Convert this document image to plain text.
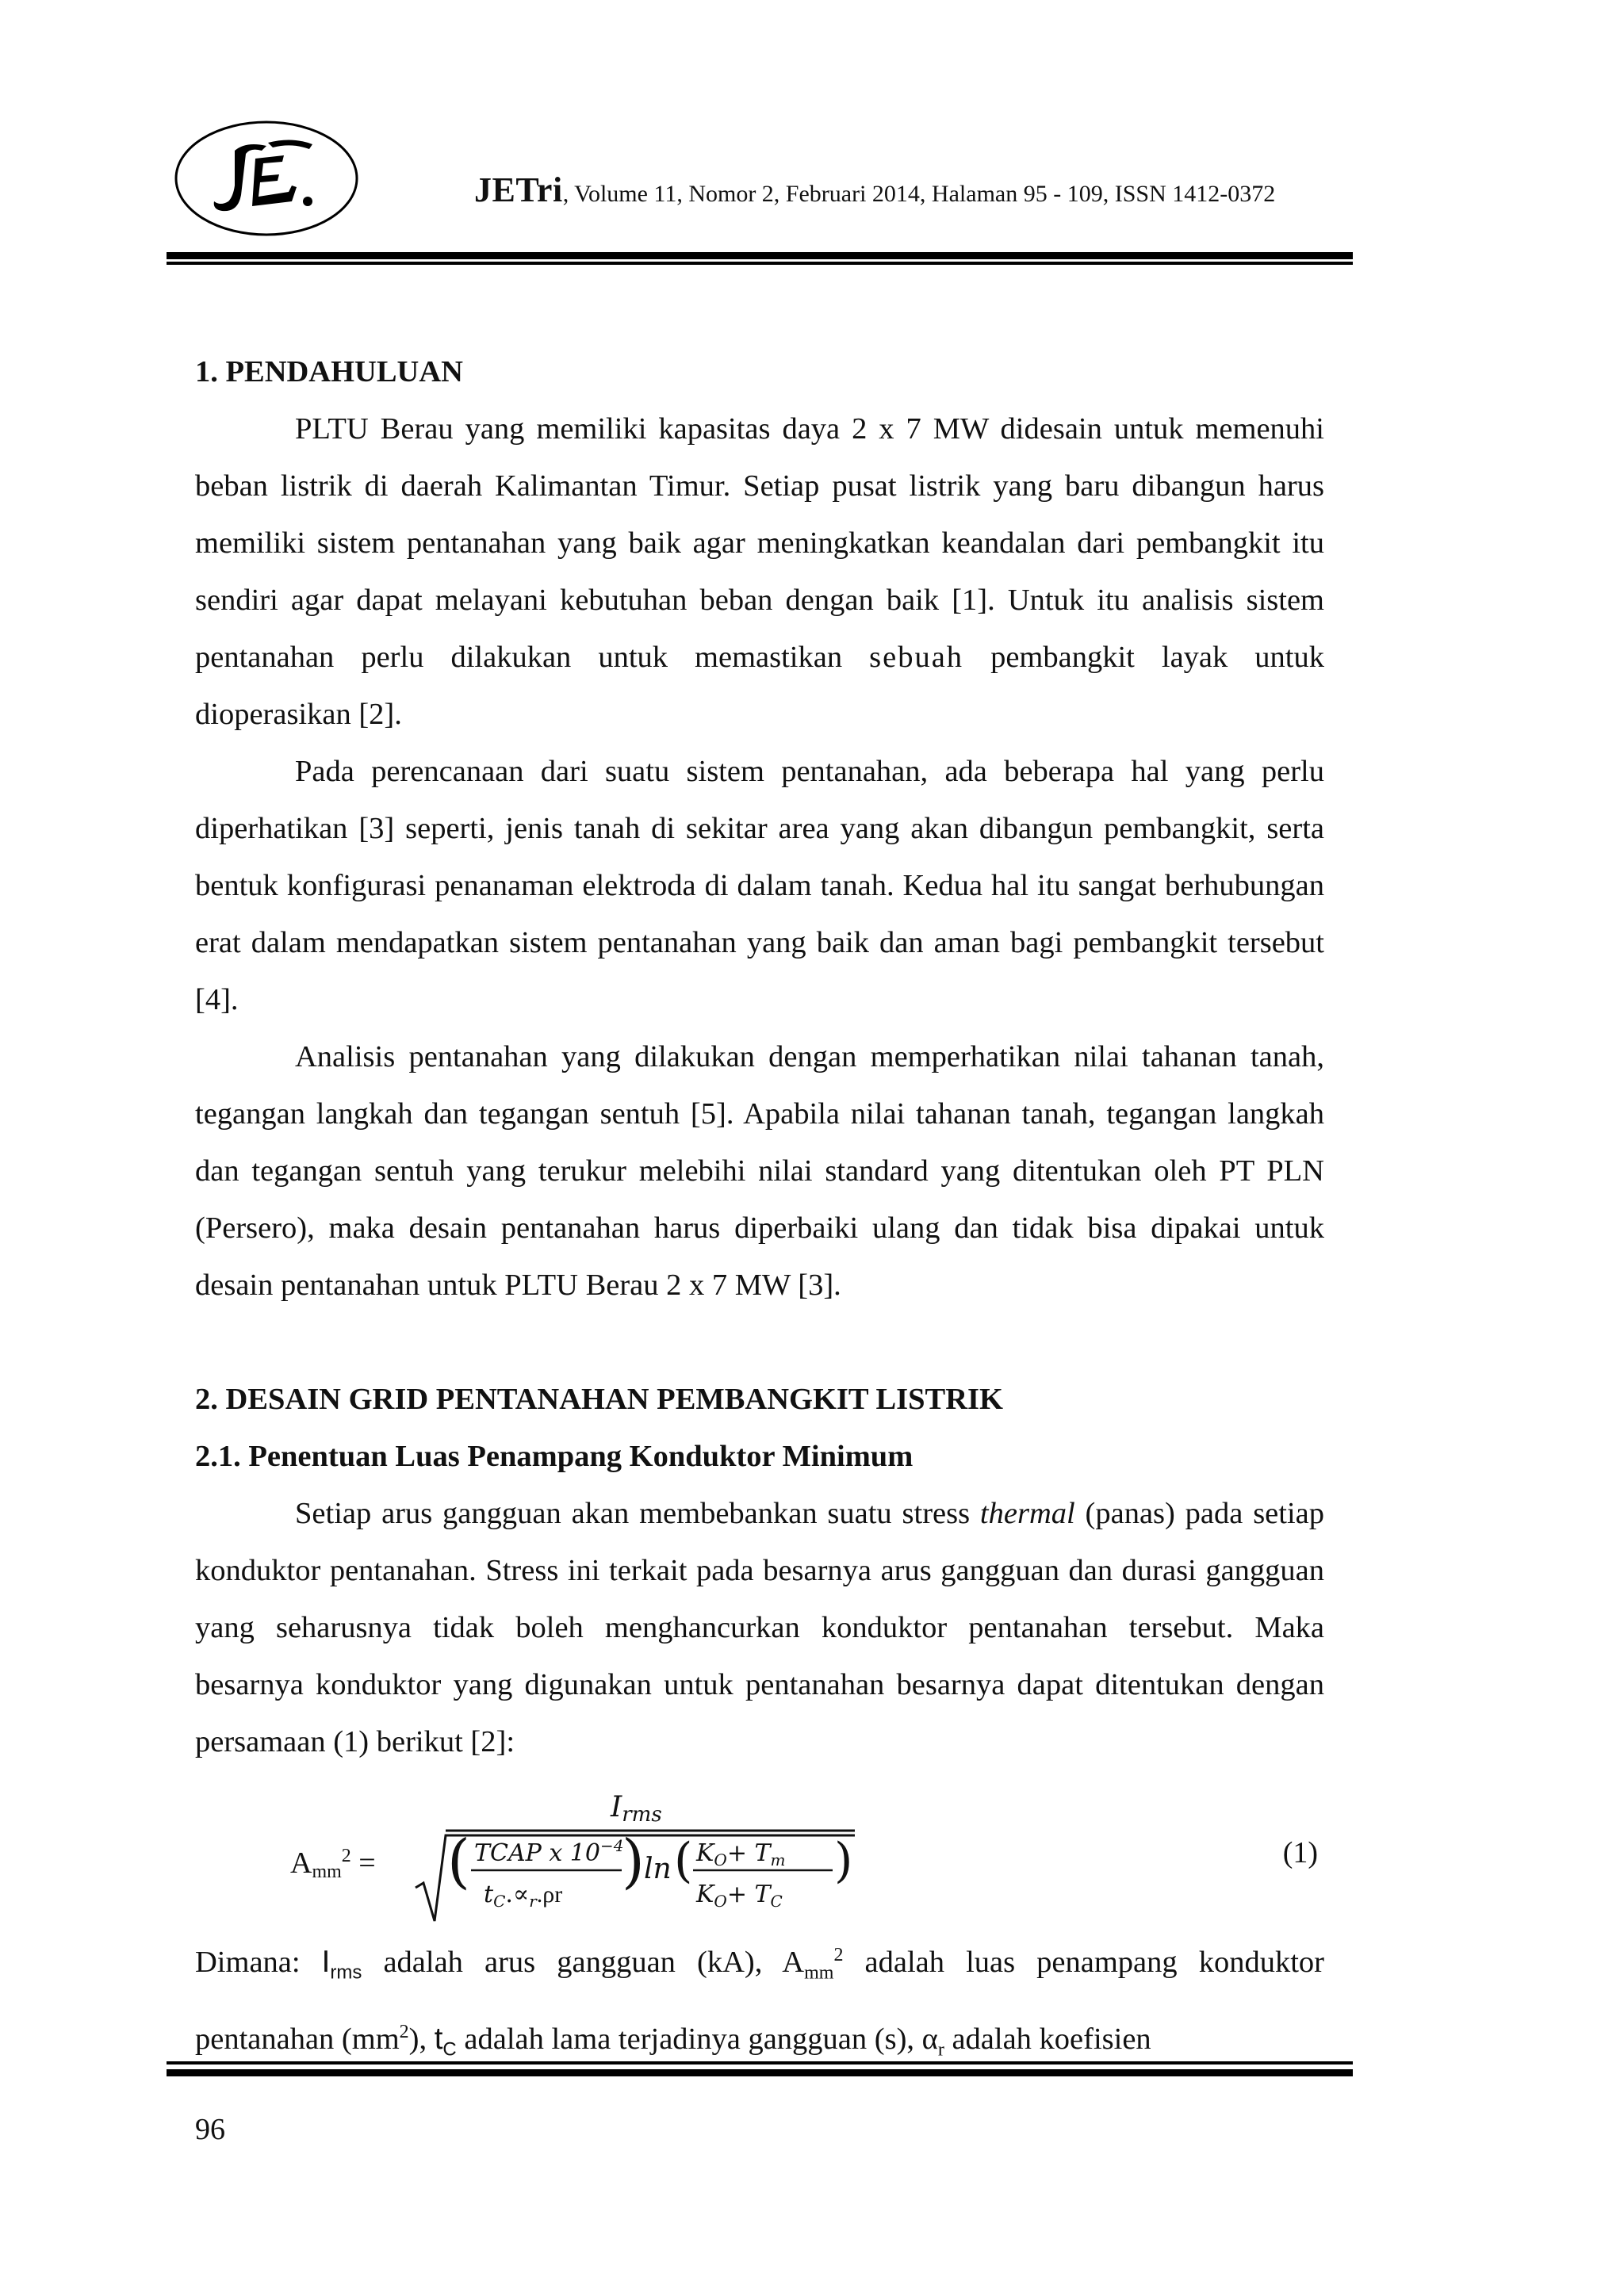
JETri, Volume 11, Nomor 2, Februari 2014, Halaman 95 - 109, ISSN 1412-0372

1. PENDAHULUAN

PLTU Berau yang memiliki kapasitas daya 2 x 7 MW didesain untuk memenuhi beban listrik di daerah Kalimantan Timur. Setiap pusat listrik yang baru dibangun harus memiliki sistem pentanahan yang baik agar meningkatkan keandalan dari pembangkit itu sendiri agar dapat melayani kebutuhan beban dengan baik [1]. Untuk itu analisis sistem pentanahan perlu dilakukan untuk memastikan sebuah pembangkit layak untuk dioperasikan [2].

Pada perencanaan dari suatu sistem pentanahan, ada beberapa hal yang perlu diperhatikan [3] seperti, jenis tanah di sekitar area yang akan dibangun pembangkit, serta bentuk konfigurasi penanaman elektroda di dalam tanah. Kedua hal itu sangat berhubungan erat dalam mendapatkan sistem pentanahan yang baik dan aman bagi pembangkit tersebut [4].

Analisis pentanahan yang dilakukan dengan memperhatikan nilai tahanan tanah, tegangan langkah dan tegangan sentuh [5]. Apabila nilai tahanan tanah, tegangan langkah dan tegangan sentuh yang terukur melebihi nilai standard yang ditentukan oleh PT PLN (Persero), maka desain pentanahan harus diperbaiki ulang dan tidak bisa dipakai untuk desain pentanahan untuk PLTU Berau 2 x 7 MW [3].

2. DESAIN GRID PENTANAHAN PEMBANGKIT LISTRIK

2.1. Penentuan Luas Penampang Konduktor Minimum

Setiap arus gangguan akan membebankan suatu stress thermal (panas) pada setiap konduktor pentanahan. Stress ini terkait pada besarnya arus gangguan dan durasi gangguan yang seharusnya tidak boleh menghancurkan konduktor pentanahan tersebut. Maka besarnya konduktor yang digunakan untuk pentanahan besarnya dapat ditentukan dengan persamaan (1) berikut [2]:

$A_{mm}^2$ =
Irms
(	)
TCAP x $10^{-4}$
$t_C.\propto_r.\rho r$
ln (	)
$K_O+ T_m$
$K_O+ T_C$
(1)

Dimana: $I_{rms}$ adalah arus gangguan (kA), $A_{mm}^2$ adalah luas penampang konduktor pentanahan $(mm^2)$, $t_C$ adalah lama terjadinya gangguan (s), $\alpha_r$ adalah koefisien

96
